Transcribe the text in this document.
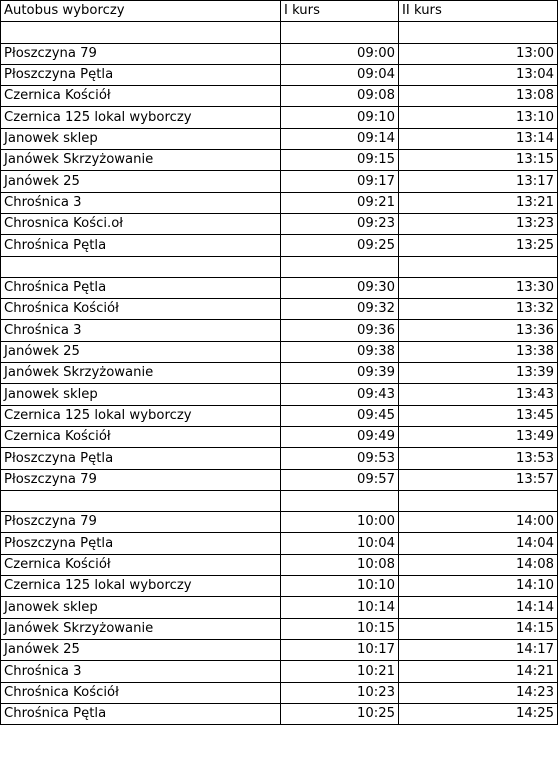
Autobus wyborczy	I kurs	II kurs

Płoszczyna 79	09:00	13:00
Płoszczyna Pętla	09:04	13:04
Czernica Kościół	09:08	13:08
Czernica 125 lokal wyborczy	09:10	13:10
Janowek sklep	09:14	13:14
Janówek Skrzyżowanie	09:15	13:15
Janówek 25	09:17	13:17
Chrośnica 3	09:21	13:21
Chrosnica Kości.oł	09:23	13:23
Chrośnica Pętla	09:25	13:25

Chrośnica Pętla	09:30	13:30
Chrośnica Kościół	09:32	13:32
Chrośnica 3	09:36	13:36
Janówek 25	09:38	13:38
Janówek Skrzyżowanie	09:39	13:39
Janowek sklep	09:43	13:43
Czernica 125 lokal wyborczy	09:45	13:45
Czernica Kościół	09:49	13:49
Płoszczyna Pętla	09:53	13:53
Płoszczyna 79	09:57	13:57

Płoszczyna 79	10:00	14:00
Płoszczyna Pętla	10:04	14:04
Czernica Kościół	10:08	14:08
Czernica 125 lokal wyborczy	10:10	14:10
Janowek sklep	10:14	14:14
Janówek Skrzyżowanie	10:15	14:15
Janówek 25	10:17	14:17
Chrośnica 3	10:21	14:21
Chrośnica Kościół	10:23	14:23
Chrośnica Pętla	10:25	14:25
